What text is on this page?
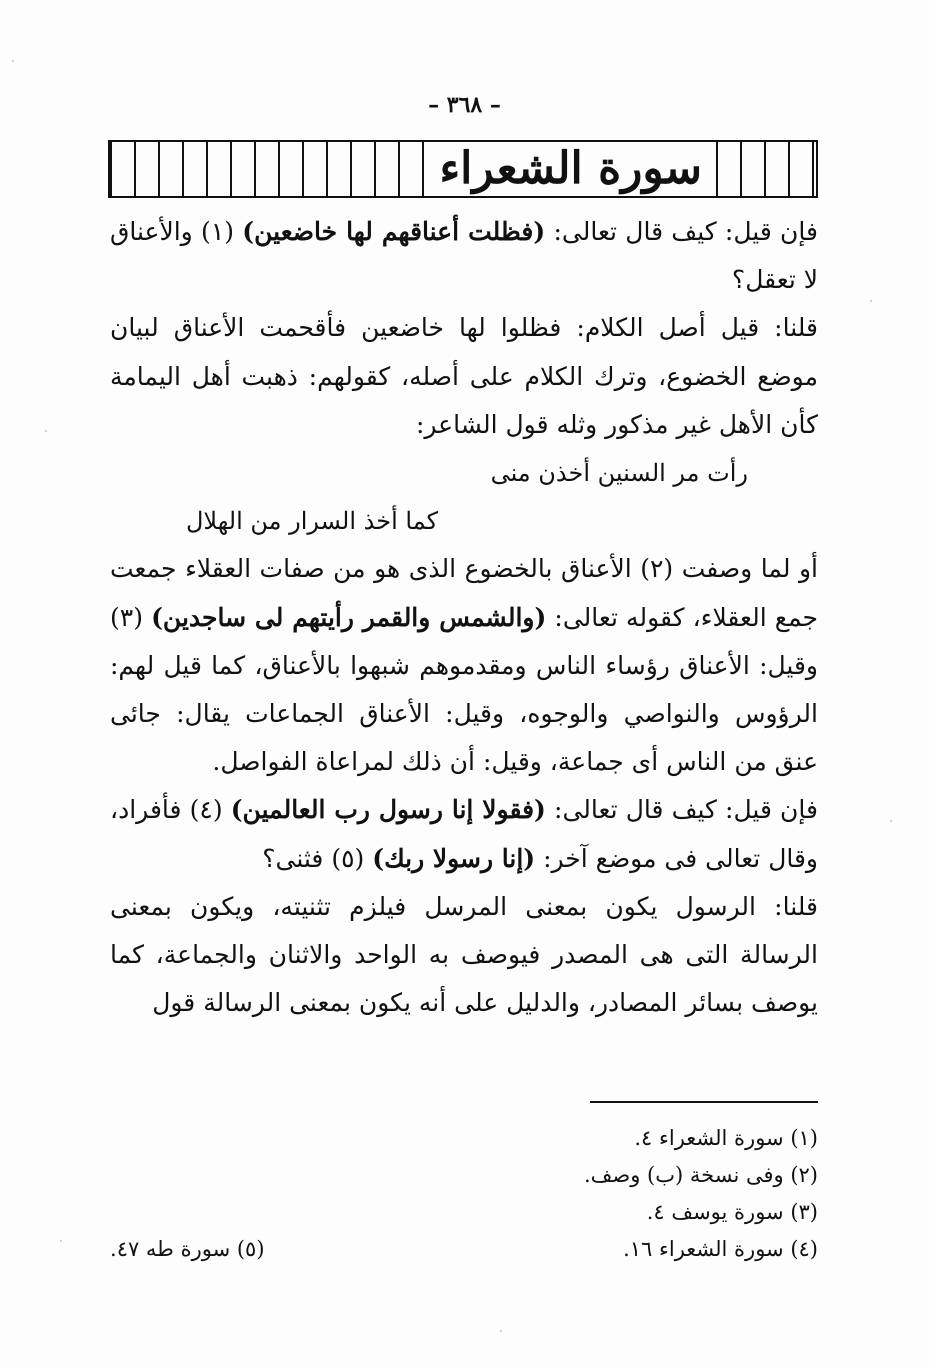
– ٣٦٨ –
سورة الشعراء

فإن قيل: كيف قال تعالى: (فظلت أعناقهم لها خاضعين) (١) والأعناق لا تعقل؟

قلنا: قيل أصل الكلام: فظلوا لها خاضعين فأقحمت الأعناق لبيان موضع الخضوع، وترك الكلام على أصله، كقولهم: ذهبت أهل اليمامة كأن الأهل غير مذكور وثله قول الشاعر:

رأت مر السنين أخذن منى
كما أخذ السرار من الهلال

أو لما وصفت (٢) الأعناق بالخضوع الذى هو من صفات العقلاء جمعت جمع العقلاء، كقوله تعالى: (والشمس والقمر رأيتهم لى ساجدين) (٣) وقيل: الأعناق رؤساء الناس ومقدموهم شبهوا بالأعناق، كما قيل لهم: الرؤوس والنواصي والوجوه، وقيل: الأعناق الجماعات يقال: جائى عنق من الناس أى جماعة، وقيل: أن ذلك لمراعاة الفواصل.

فإن قيل: كيف قال تعالى: (فقولا إنا رسول رب العالمين) (٤) فأفراد، وقال تعالى فى موضع آخر: (إنا رسولا ربك) (٥) فثنى؟

قلنا: الرسول يكون بمعنى المرسل فيلزم تثنيته، ويكون بمعنى الرسالة التى هى المصدر فيوصف به الواحد والاثنان والجماعة، كما يوصف بسائر المصادر، والدليل على أنه يكون بمعنى الرسالة قول

(١) سورة الشعراء ٤.
(٢) وفى نسخة (ب) وصف.
(٣) سورة يوسف ٤.
(٤) سورة الشعراء ١٦.
(٥) سورة طه ٤٧.
